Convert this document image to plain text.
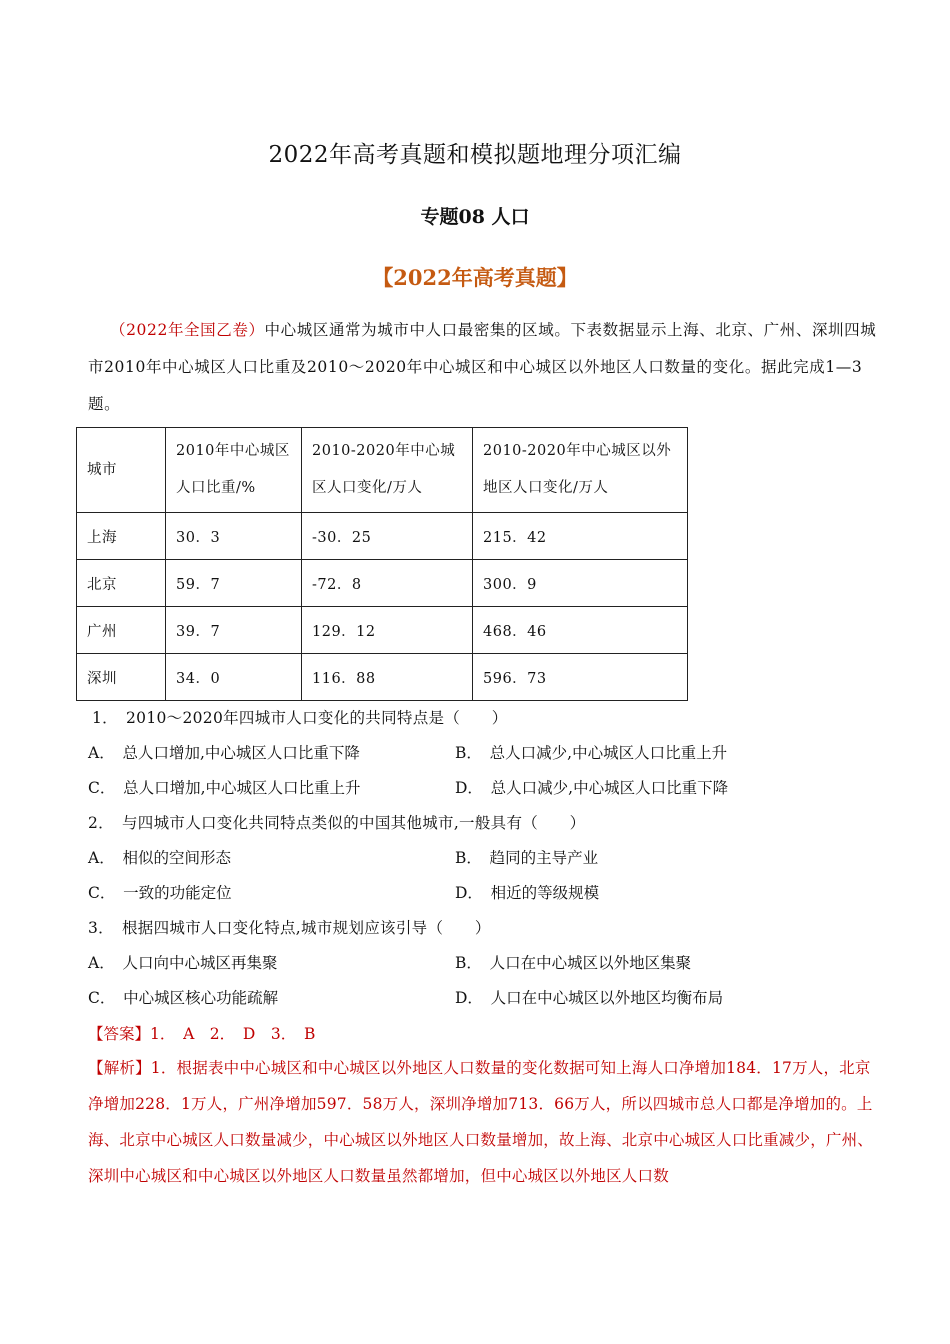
2022年高考真题和模拟题地理分项汇编
专题08 人口
【2022年高考真题】
（2022年全国乙卷）中心城区通常为城市中人口最密集的区域。下表数据显示上海、北京、广州、深圳四城市2010年中心城区人口比重及2010～2020年中心城区和中心城区以外地区人口数量的变化。据此完成1—3题。
城市	2010年中心城区人口比重/%	2010-2020年中心城区人口变化/万人	2010-2020年中心城区以外地区人口变化/万人
上海	30．3	-30．25	215．42
北京	59．7	-72．8	300．9
广州	39．7	129．12	468．46
深圳	34．0	116．88	596．73
1．　2010～2020年四城市人口变化的共同特点是（　　）
A．　总人口增加,中心城区人口比重下降	B．　总人口减少,中心城区人口比重上升
C．　总人口增加,中心城区人口比重上升	D．　总人口减少,中心城区人口比重下降
2．　与四城市人口变化共同特点类似的中国其他城市,一般具有（　　）
A．　相似的空间形态	B．　趋同的主导产业
C．　一致的功能定位	D．　相近的等级规模
3．　根据四城市人口变化特点,城市规划应该引导（　　）
A．　人口向中心城区再集聚	B．　人口在中心城区以外地区集聚
C．　中心城区核心功能疏解	D．　人口在中心城区以外地区均衡布局
【答案】1．　A　2．　D　3．　B
【解析】1．根据表中中心城区和中心城区以外地区人口数量的变化数据可知上海人口净增加184．17万人，北京净增加228．1万人，广州净增加597．58万人，深圳净增加713．66万人，所以四城市总人口都是净增加的。上海、北京中心城区人口数量减少，中心城区以外地区人口数量增加，故上海、北京中心城区人口比重减少，广州、深圳中心城区和中心城区以外地区人口数量虽然都增加，但中心城区以外地区人口数
